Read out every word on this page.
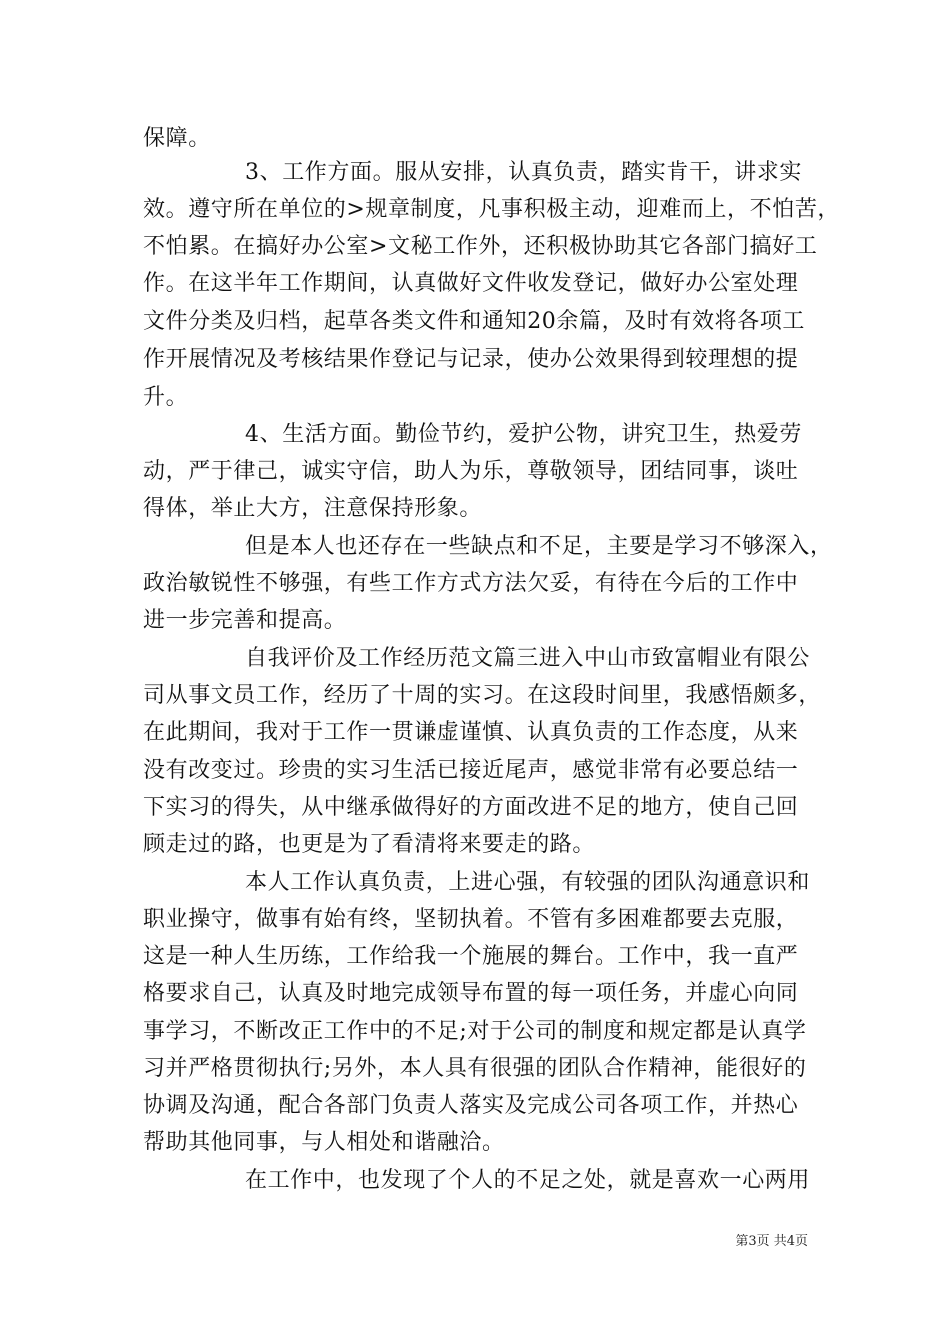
保障。
3、工作方面。服从安排，认真负责，踏实肯干，讲求实
效。遵守所在单位的>规章制度，凡事积极主动，迎难而上，不怕苦，
不怕累。在搞好办公室>文秘工作外，还积极协助其它各部门搞好工
作。在这半年工作期间，认真做好文件收发登记，做好办公室处理
文件分类及归档，起草各类文件和通知20余篇，及时有效将各项工
作开展情况及考核结果作登记与记录，使办公效果得到较理想的提
升。
4、生活方面。勤俭节约，爱护公物，讲究卫生，热爱劳
动，严于律己，诚实守信，助人为乐，尊敬领导，团结同事，谈吐
得体，举止大方，注意保持形象。
但是本人也还存在一些缺点和不足，主要是学习不够深入，
政治敏锐性不够强，有些工作方式方法欠妥，有待在今后的工作中
进一步完善和提高。
自我评价及工作经历范文篇三进入中山市致富帽业有限公
司从事文员工作，经历了十周的实习。在这段时间里，我感悟颇多，
在此期间，我对于工作一贯谦虚谨慎、认真负责的工作态度，从来
没有改变过。珍贵的实习生活已接近尾声，感觉非常有必要总结一
下实习的得失，从中继承做得好的方面改进不足的地方，使自己回
顾走过的路，也更是为了看清将来要走的路。
本人工作认真负责，上进心强，有较强的团队沟通意识和
职业操守，做事有始有终，坚韧执着。不管有多困难都要去克服，
这是一种人生历练，工作给我一个施展的舞台。工作中，我一直严
格要求自己，认真及时地完成领导布置的每一项任务，并虚心向同
事学习，不断改正工作中的不足;对于公司的制度和规定都是认真学
习并严格贯彻执行;另外，本人具有很强的团队合作精神，能很好的
协调及沟通，配合各部门负责人落实及完成公司各项工作，并热心
帮助其他同事，与人相处和谐融洽。
在工作中，也发现了个人的不足之处，就是喜欢一心两用
第3页 共4页
